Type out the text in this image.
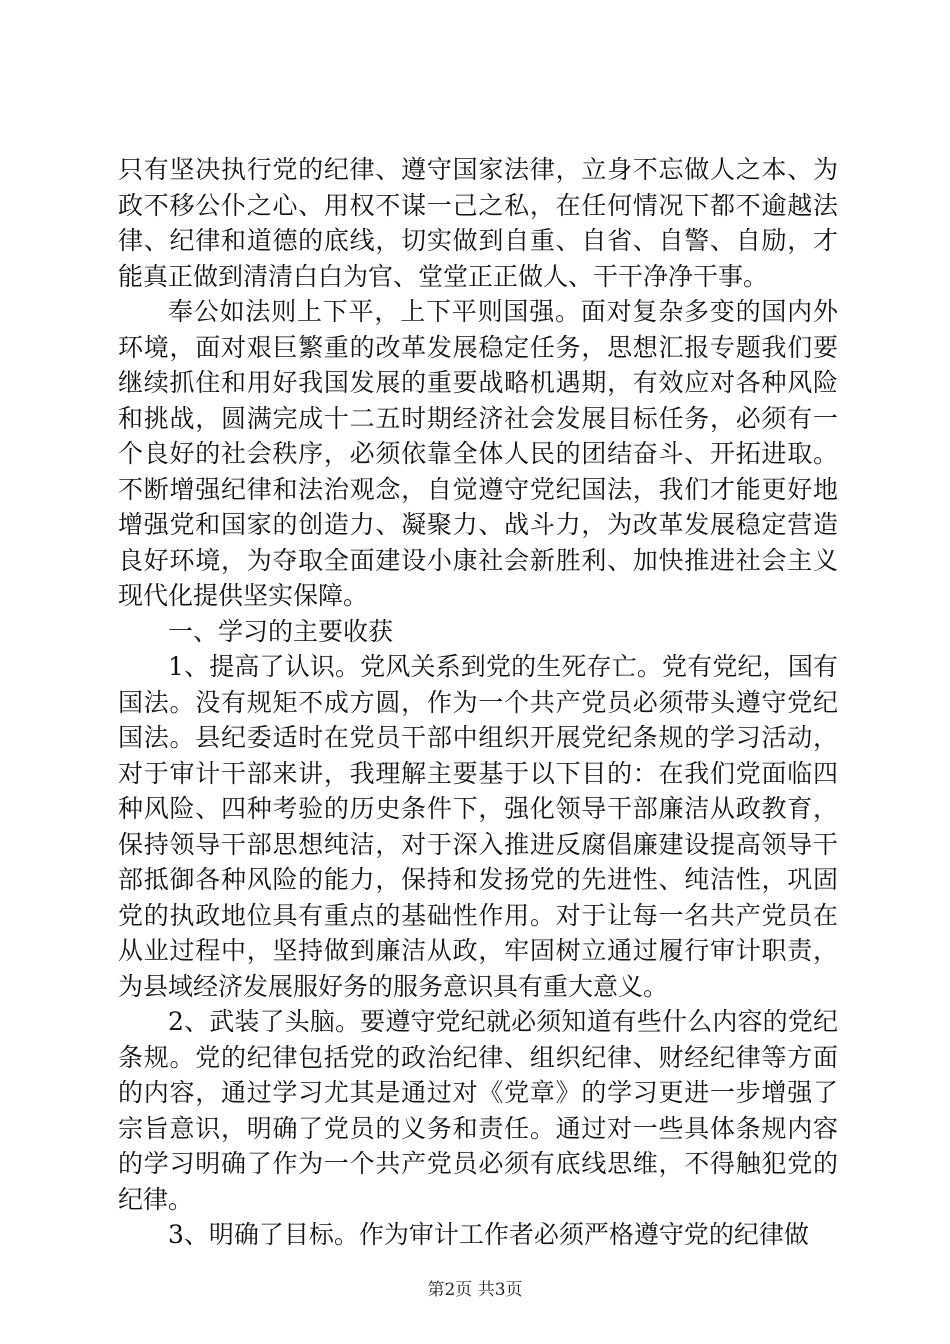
只有坚决执行党的纪律、遵守国家法律，立身不忘做人之本、为政不移公仆之心、用权不谋一己之私，在任何情况下都不逾越法律、纪律和道德的底线，切实做到自重、自省、自警、自励，才能真正做到清清白白为官、堂堂正正做人、干干净净干事。

奉公如法则上下平，上下平则国强。面对复杂多变的国内外环境，面对艰巨繁重的改革发展稳定任务，思想汇报专题我们要继续抓住和用好我国发展的重要战略机遇期，有效应对各种风险和挑战，圆满完成十二五时期经济社会发展目标任务，必须有一个良好的社会秩序，必须依靠全体人民的团结奋斗、开拓进取。不断增强纪律和法治观念，自觉遵守党纪国法，我们才能更好地增强党和国家的创造力、凝聚力、战斗力，为改革发展稳定营造良好环境，为夺取全面建设小康社会新胜利、加快推进社会主义现代化提供坚实保障。

一、学习的主要收获

1、提高了认识。党风关系到党的生死存亡。党有党纪，国有国法。没有规矩不成方圆，作为一个共产党员必须带头遵守党纪国法。县纪委适时在党员干部中组织开展党纪条规的学习活动，对于审计干部来讲，我理解主要基于以下目的：在我们党面临四种风险、四种考验的历史条件下，强化领导干部廉洁从政教育，保持领导干部思想纯洁，对于深入推进反腐倡廉建设提高领导干部抵御各种风险的能力，保持和发扬党的先进性、纯洁性，巩固党的执政地位具有重点的基础性作用。对于让每一名共产党员在从业过程中，坚持做到廉洁从政，牢固树立通过履行审计职责，为县域经济发展服好务的服务意识具有重大意义。

2、武装了头脑。要遵守党纪就必须知道有些什么内容的党纪条规。党的纪律包括党的政治纪律、组织纪律、财经纪律等方面的内容，通过学习尤其是通过对《党章》的学习更进一步增强了宗旨意识，明确了党员的义务和责任。通过对一些具体条规内容的学习明确了作为一个共产党员必须有底线思维，不得触犯党的纪律。

3、明确了目标。作为审计工作者必须严格遵守党的纪律做

第2页 共3页
